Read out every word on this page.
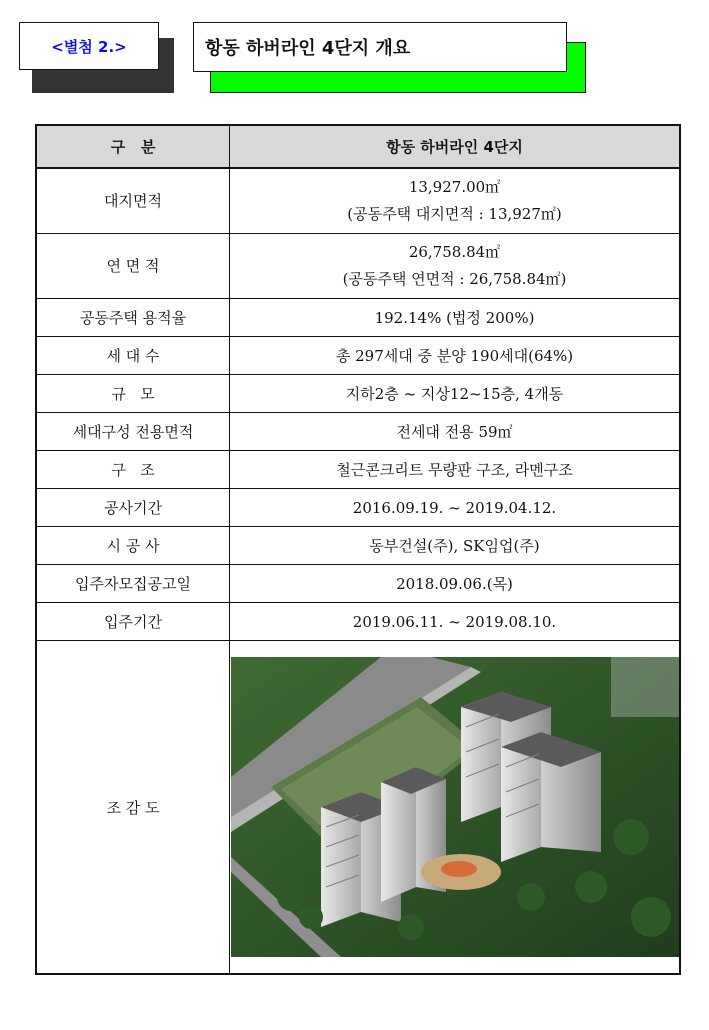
<별첨 2.>	항동 하버라인 4단지 개요
구   분	항동 하버라인 4단지
대지면적	13,927.00㎡
(공동주택 대지면적 : 13,927㎡)

연 면 적	26,758.84㎡
(공동주택 연면적 : 26,758.84㎡)

공동주택 용적율	192.14% (법정 200%)
세 대 수	총 297세대 중 분양 190세대(64%)
규   모	지하2층 ~ 지상12~15층, 4개동
세대구성 전용면적	전세대 전용 59㎡
구   조	철근콘크리트 무량판 구조, 라멘구조
공사기간	2016.09.19. ~ 2019.04.12.
시 공 사	동부건설(주), SK임업(주)
입주자모집공고일	2018.09.06.(목)
입주기간	2019.06.11. ~ 2019.08.10.
조 감 도	
